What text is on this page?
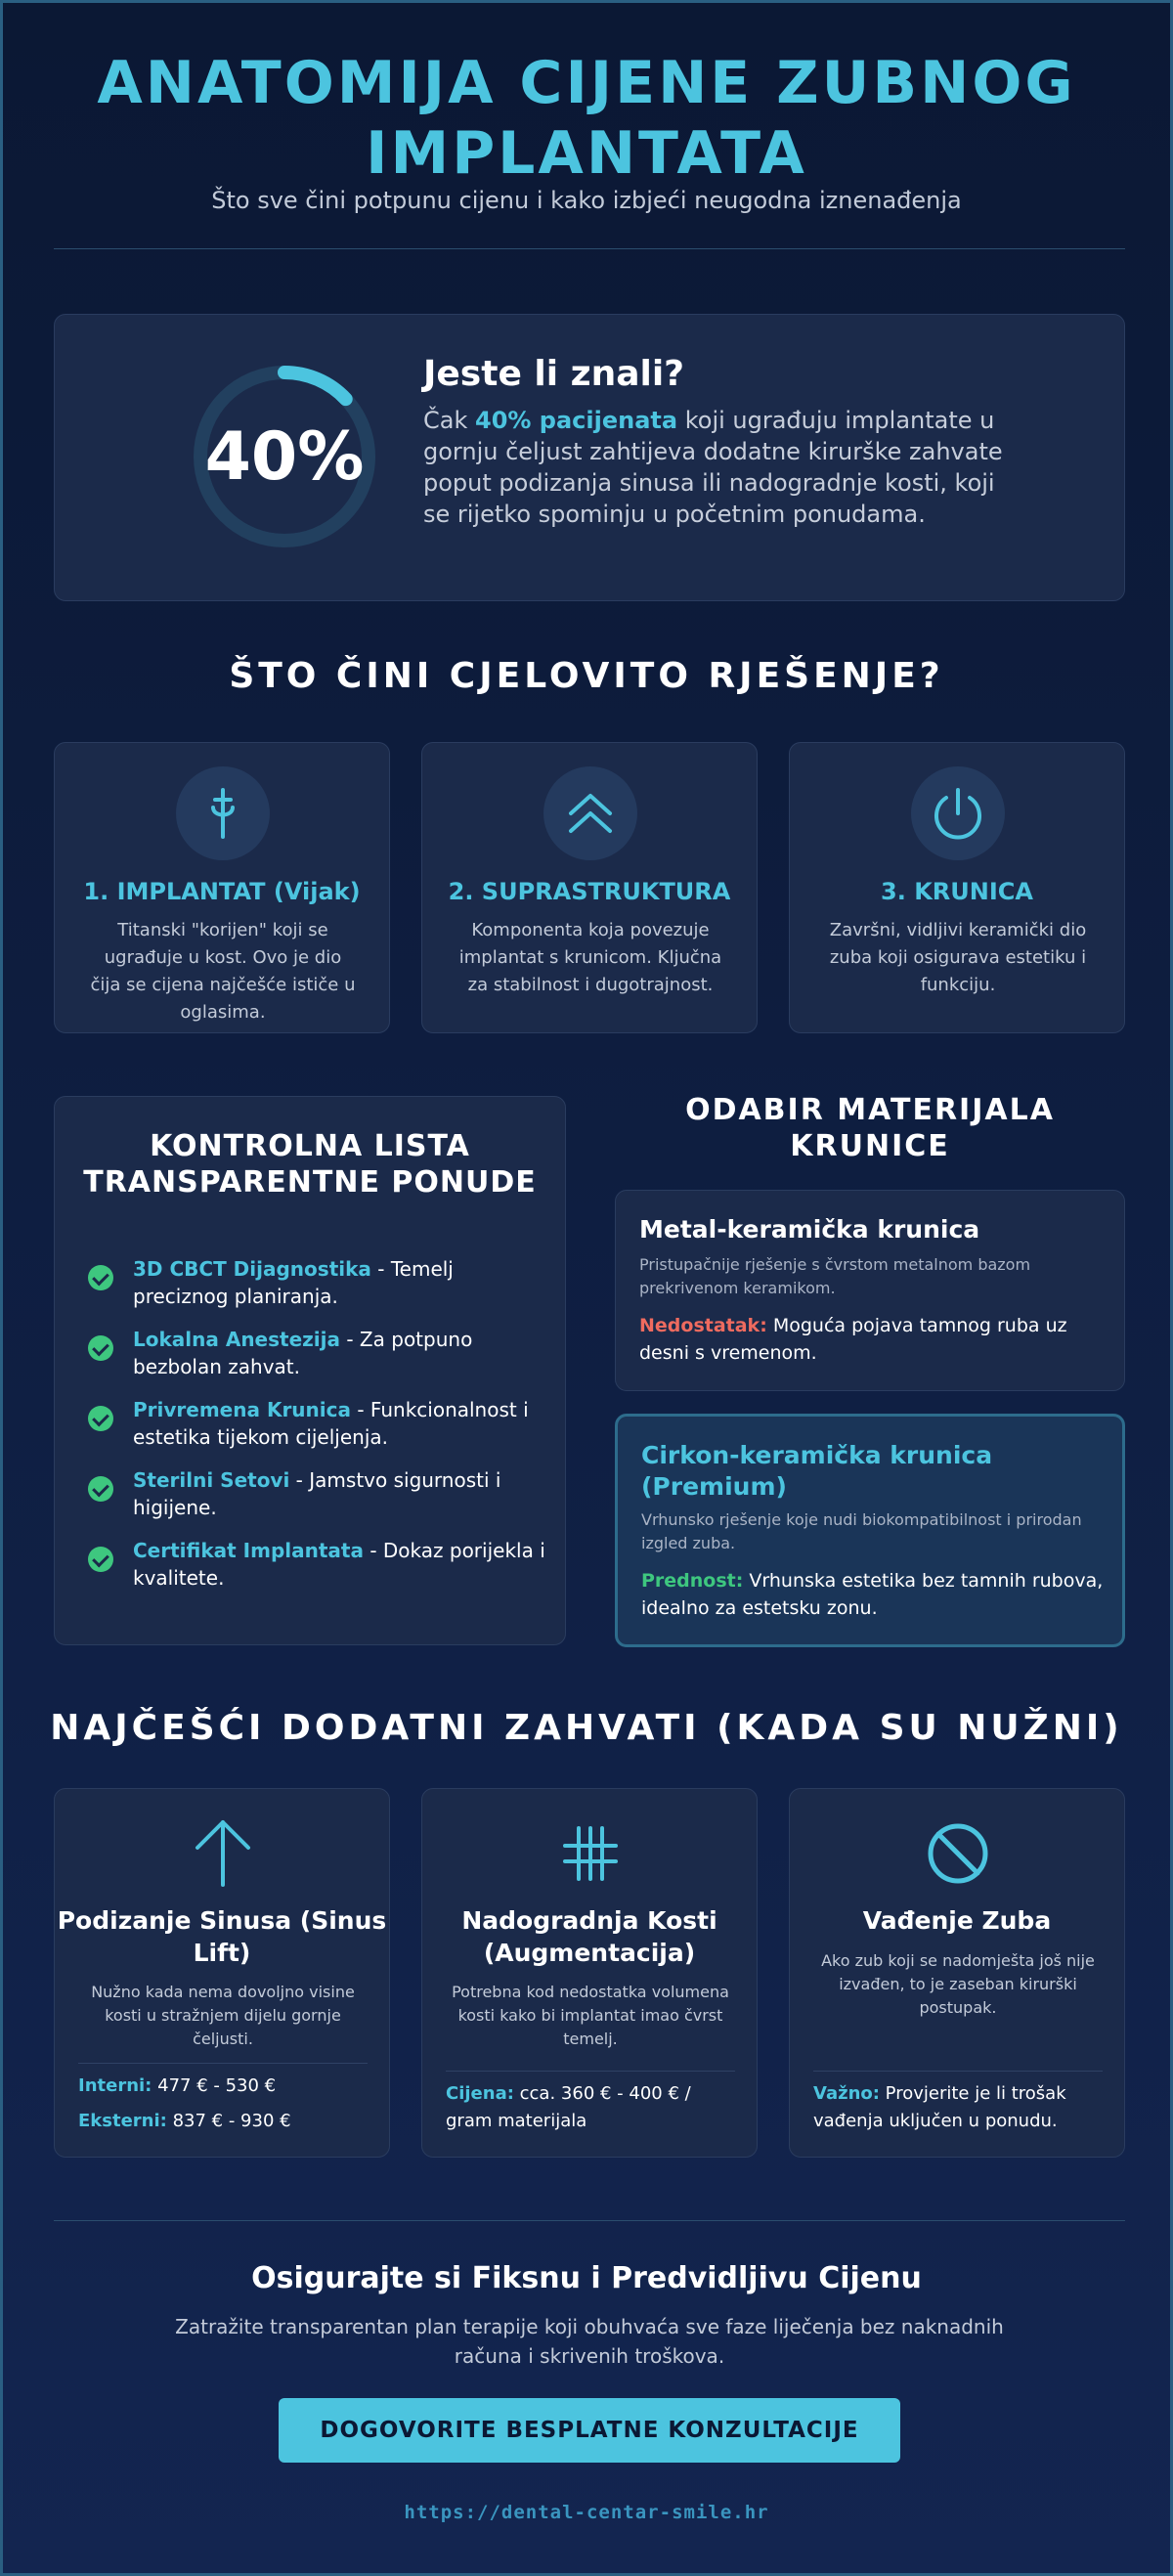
ANATOMIJA CIJENE ZUBNOG
IMPLANTATA

Što sve čini potpunu cijenu i kako izbjeći neugodna iznenađenja

40%
Jeste li znali?

Čak 40% pacijenata koji ugrađuju implantate u gornju čeljust zahtijeva dodatne kirurške zahvate poput podizanja sinusa ili nadogradnje kosti, koji se rijetko spominju u početnim ponudama.

ŠTO ČINI CJELOVITO RJEŠENJE?
1. IMPLANTAT (Vijak)
Titanski "korijen" koji se ugrađuje u kost. Ovo je dio čija se cijena najčešće ističe u oglasima.
2. SUPRASTRUKTURA
Komponenta koja povezuje implantat s krunicom. Ključna za stabilnost i dugotrajnost.
3. KRUNICA
Završni, vidljivi keramički dio zuba koji osigurava estetiku i funkciju.
KONTROLNA LISTA TRANSPARENTNE PONUDE
3D CBCT Dijagnostika - Temelj preciznog planiranja.
Lokalna Anestezija - Za potpuno bezbolan zahvat.
Privremena Krunica - Funkcionalnost i estetika tijekom cijeljenja.
Sterilni Setovi - Jamstvo sigurnosti i higijene.
Certifikat Implantata - Dokaz porijekla i kvalitete.
ODABIR MATERIJALA KRUNICE
Metal-keramička krunica
Pristupačnije rješenje s čvrstom metalnom bazom prekrivenom keramikom.
Nedostatak: Moguća pojava tamnog ruba uz desni s vremenom.
Cirkon-keramička krunica (Premium)
Vrhunsko rješenje koje nudi biokompatibilnost i prirodan izgled zuba.
Prednost: Vrhunska estetika bez tamnih rubova, idealno za estetsku zonu.
NAJČEŠĆI DODATNI ZAHVATI (KADA SU NUŽNI)
Podizanje Sinusa (Sinus Lift)
Nužno kada nema dovoljno visine kosti u stražnjem dijelu gornje čeljusti.
Interni: 477 € - 530 €
Eksterni: 837 € - 930 €
Nadogradnja Kosti (Augmentacija)
Potrebna kod nedostatka volumena kosti kako bi implantat imao čvrst temelj.
Cijena: cca. 360 € - 400 € / gram materijala
Vađenje Zuba
Ako zub koji se nadomješta još nije izvađen, to je zaseban kirurški postupak.
Važno: Provjerite je li trošak vađenja uključen u ponudu.
Osigurajte si Fiksnu i Predvidljivu Cijenu

Zatražite transparentan plan terapije koji obuhvaća sve faze liječenja bez naknadnih računa i skrivenih troškova.

DOGOVORITE BESPLATNE KONZULTACIJE
https://dental-centar-smile.hr
